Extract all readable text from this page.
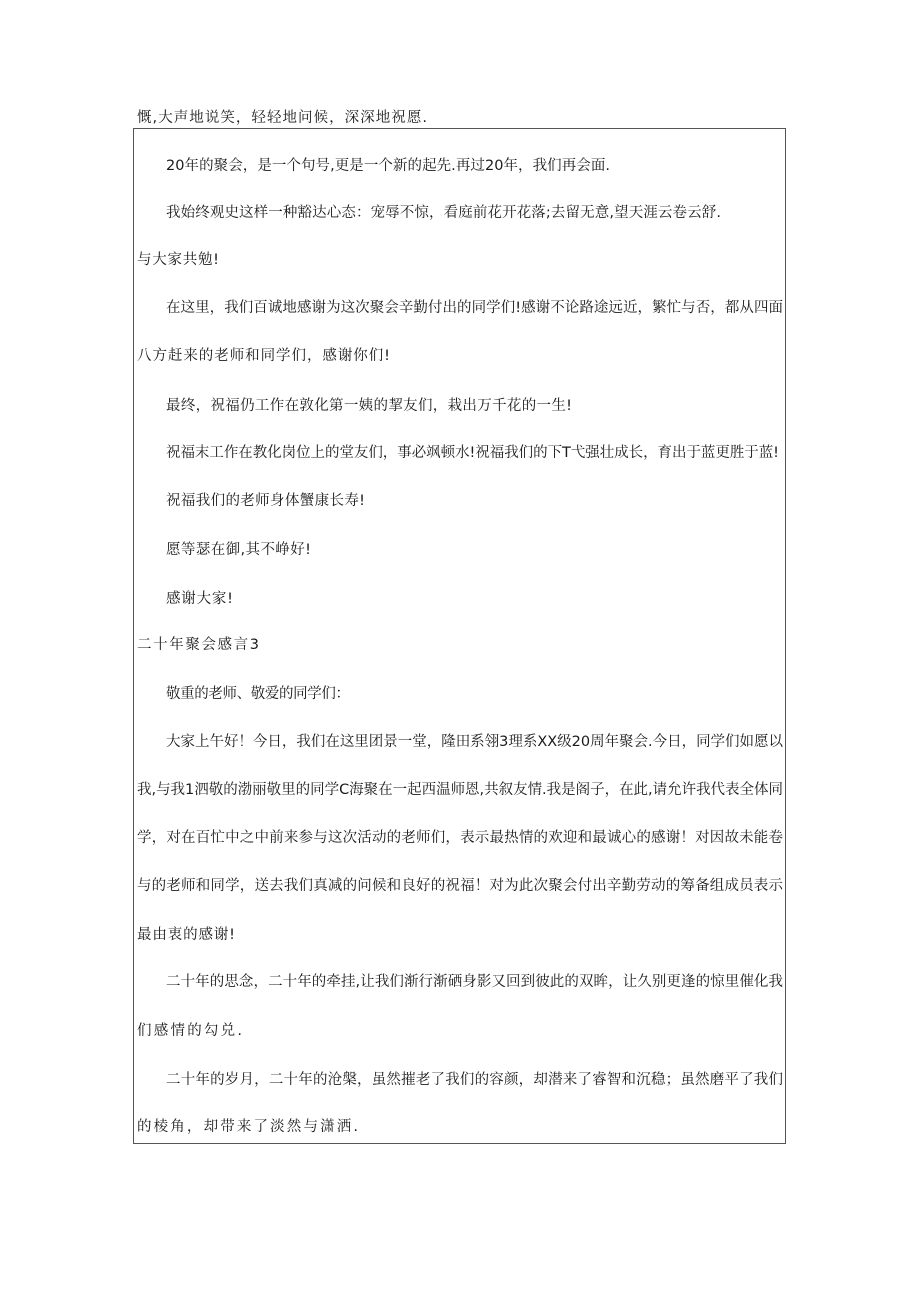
慨,大声地说笑，轻轻地问候，深深地祝愿.
20年的聚会，是一个句号,更是一个新的起先.再过20年，我们再会面.
我始终观史这样一种豁达心态：宠辱不惊，看庭前花开花落;去留无意,望天涯云卷云舒.
与大家共勉!
在这里，我们百诚地感谢为这次聚会辛勤付出的同学们!感谢不论路途远近，繁忙与否，都从四面
八方赶来的老师和同学们，感谢你们!
最终，祝福仍工作在敦化第一姨的挈友们，栽出万千花的一生!
祝福末工作在教化岗位上的堂友们，事必飒顿水!祝福我们的下T弋强壮成长，育出于蓝更胜于蓝!
祝福我们的老师身体蟹康长寿!
愿等瑟在御,其不峥好!
感谢大家!
二十年聚会感言3
敬重的老师、敬爱的同学们：
大家上午好！今日，我们在这里团景一堂，隆田系翎3理系XX级20周年聚会.今日，同学们如愿以
我,与我1泗敬的渤丽敬里的同学C海聚在一起西温师恩,共叙友情.我是阁子，在此,请允许我代表全体同
学，对在百忙中之中前来参与这次活动的老师们，表示最热情的欢迎和最诚心的感谢！对因故未能卷
与的老师和同学，送去我们真减的问候和良好的祝福！对为此次聚会付出辛勤劳动的筹备组成员表示
最由衷的感谢!
二十年的思念，二十年的牵挂,让我们渐行渐硒身影又回到彼此的双眸，让久别更逢的惊里催化我
们感情的勾兑.
二十年的岁月，二十年的沧槃，虽然摧老了我们的容颜，却潜来了睿智和沉稳；虽然磨平了我们
的棱角，却带来了淡然与潇洒.
